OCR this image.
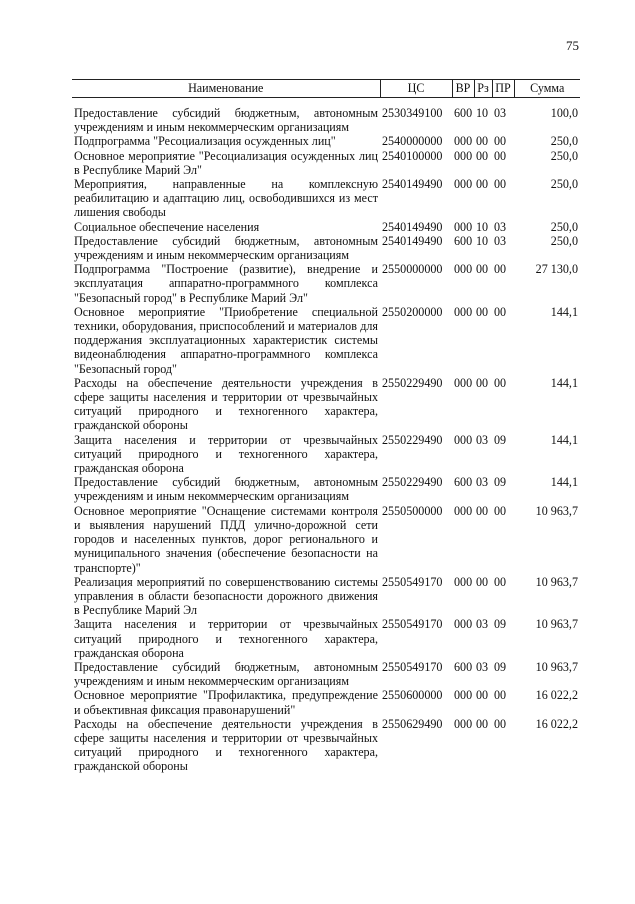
75
Наименование	ЦС	ВР	Рз	ПР	Сумма

Предоставление субсидий бюджетным, автономным учреждениям и иным некоммерческим организациям	2530349100	600	10	03	100,0
Подпрограмма "Ресоциализация осужденных лиц"	2540000000	000	00	00	250,0
Основное мероприятие "Ресоциализация осужденных лиц в Республике Марий Эл"	2540100000	000	00	00	250,0
Мероприятия, направленные на комплексную реабилитацию и адаптацию лиц, освободившихся из мест лишения свободы	2540149490	000	00	00	250,0
Социальное обеспечение населения	2540149490	000	10	03	250,0
Предоставление субсидий бюджетным, автономным учреждениям и иным некоммерческим организациям	2540149490	600	10	03	250,0
Подпрограмма "Построение (развитие), внедрение и эксплуатация аппаратно-программного комплекса "Безопасный город" в Республике Марий Эл"	2550000000	000	00	00	27 130,0
Основное мероприятие "Приобретение специальной техники, оборудования, приспособлений и материалов для поддержания эксплуатационных характеристик системы видеонаблюдения аппаратно-программного комплекса "Безопасный город"	2550200000	000	00	00	144,1
Расходы на обеспечение деятельности учреждения в сфере защиты населения и территории от чрезвычайных ситуаций природного и техногенного характера, гражданской обороны	2550229490	000	00	00	144,1
Защита населения и территории от чрезвычайных ситуаций природного и техногенного характера, гражданская оборона	2550229490	000	03	09	144,1
Предоставление субсидий бюджетным, автономным учреждениям и иным некоммерческим организациям	2550229490	600	03	09	144,1
Основное мероприятие "Оснащение системами контроля и выявления нарушений ПДД улично-дорожной сети городов и населенных пунктов, дорог регионального и муниципального значения (обеспечение безопасности на транспорте)"	2550500000	000	00	00	10 963,7
Реализация мероприятий по совершенствованию системы управления в области безопасности дорожного движения в Республике Марий Эл	2550549170	000	00	00	10 963,7
Защита населения и территории от чрезвычайных ситуаций природного и техногенного характера, гражданская оборона	2550549170	000	03	09	10 963,7
Предоставление субсидий бюджетным, автономным учреждениям и иным некоммерческим организациям	2550549170	600	03	09	10 963,7
Основное мероприятие "Профилактика, предупреждение и объективная фиксация правонарушений"	2550600000	000	00	00	16 022,2
Расходы на обеспечение деятельности учреждения в сфере защиты населения и территории от чрезвычайных ситуаций природного и техногенного характера, гражданской обороны	2550629490	000	00	00	16 022,2
